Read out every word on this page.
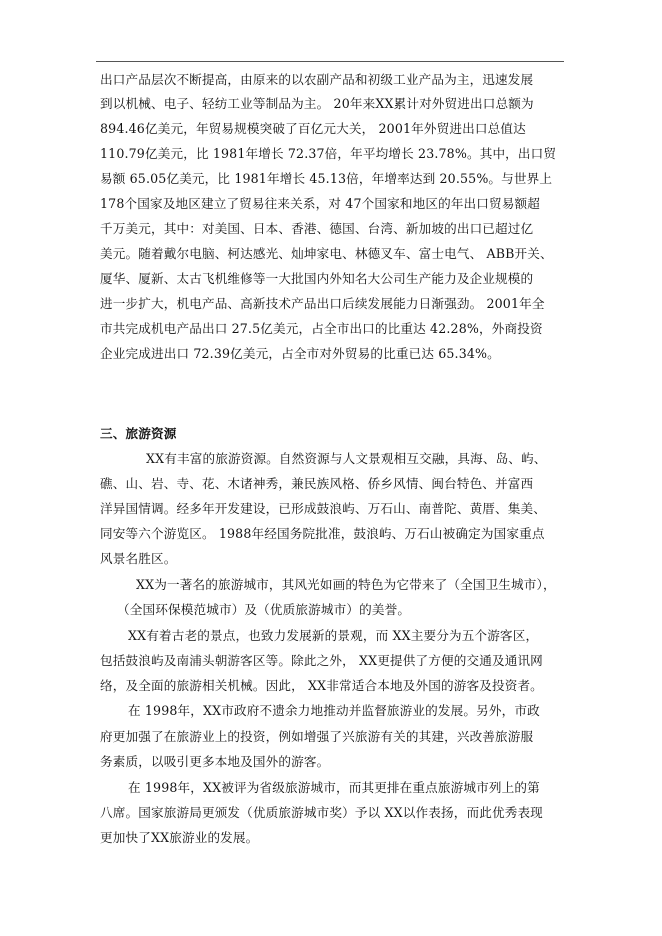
出口产品层次不断提高，由原来的以农副产品和初级工业产品为主，迅速发展
到以机械、电子、轻纺工业等制品为主。 20年来XX累计对外贸进出口总额为
894.46亿美元，年贸易规模突破了百亿元大关， 2001年外贸进出口总值达
110.79亿美元，比 1981年增长 72.37倍，年平均增长 23.78%。其中，出口贸
易额 65.05亿美元，比 1981年增长 45.13倍，年增率达到 20.55%。与世界上
178个国家及地区建立了贸易往来关系，对 47个国家和地区的年出口贸易额超
千万美元，其中：对美国、日本、香港、德国、台湾、新加坡的出口已超过亿
美元。随着戴尔电脑、柯达感光、灿坤家电、林德叉车、富士电气、 ABB开关、
厦华、厦新、太古飞机维修等一大批国内外知名大公司生产能力及企业规模的
进一步扩大，机电产品、高新技术产品出口后续发展能力日渐强劲。 2001年全
市共完成机电产品出口 27.5亿美元，占全市出口的比重达 42.28%，外商投资
企业完成进出口 72.39亿美元，占全市对外贸易的比重已达 65.34%。
三、旅游资源
XX有丰富的旅游资源。自然资源与人文景观相互交融，具海、岛、屿、
礁、山、岩、寺、花、木诸神秀，兼民族风格、侨乡风情、闽台特色、并富西
洋异国情调。经多年开发建设，已形成鼓浪屿、万石山、南普陀、黄厝、集美、
同安等六个游览区。 1988年经国务院批准，鼓浪屿、万石山被确定为国家重点
风景名胜区。
XX为一著名的旅游城市，其风光如画的特色为它带来了（全国卫生城市），
（全国环保模范城市）及（优质旅游城市）的美誉。
XX有着古老的景点，也致力发展新的景观，而 XX主要分为五个游客区，
包括鼓浪屿及南浦头朝游客区等。除此之外， XX更提供了方便的交通及通讯网
络，及全面的旅游相关机械。因此， XX非常适合本地及外国的游客及投资者。
在 1998年，XX市政府不遗余力地推动并监督旅游业的发展。另外，市政
府更加强了在旅游业上的投资，例如增强了兴旅游有关的其建，兴改善旅游服
务素质，以吸引更多本地及国外的游客。
在 1998年，XX被评为省级旅游城市，而其更排在重点旅游城市列上的第
八席。国家旅游局更颁发（优质旅游城市奖）予以 XX以作表扬，而此优秀表现
更加快了XX旅游业的发展。
